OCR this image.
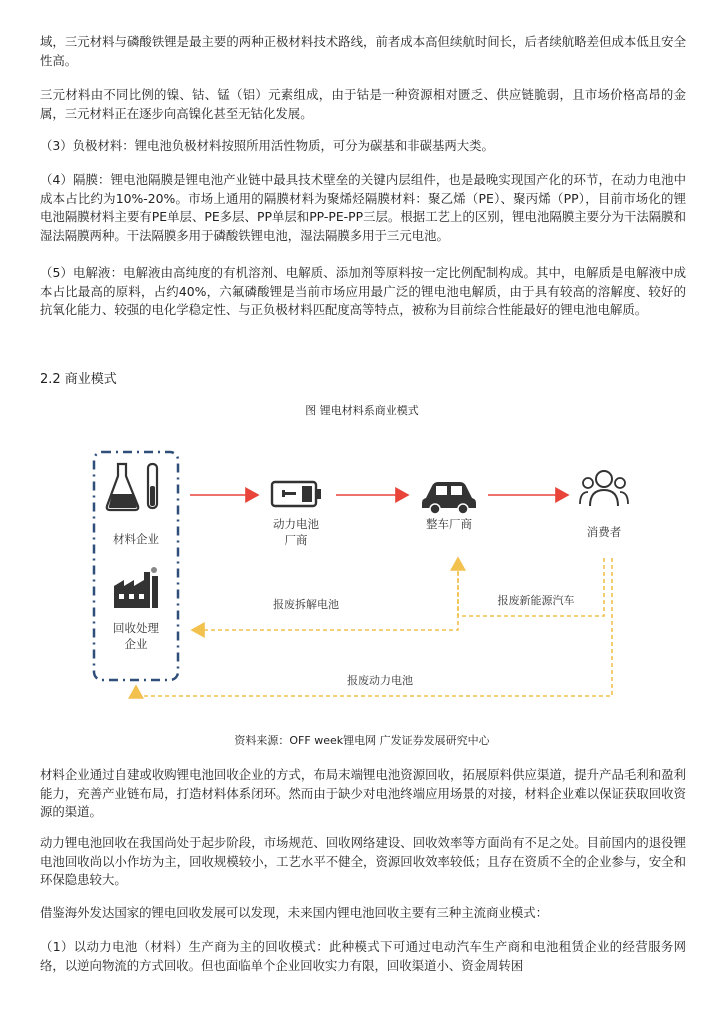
域，三元材料与磷酸铁锂是最主要的两种正极材料技术路线，前者成本高但续航时间长，后者续航略差但成本低且安全性高。

三元材料由不同比例的镍、钴、锰（铝）元素组成，由于钴是一种资源相对匮乏、供应链脆弱，且市场价格高昂的金属，三元材料正在逐步向高镍化甚至无钴化发展。

（3）负极材料：锂电池负极材料按照所用活性物质，可分为碳基和非碳基两大类。

（4）隔膜：锂电池隔膜是锂电池产业链中最具技术壁垒的关键内层组件，也是最晚实现国产化的环节，在动力电池中成本占比约为10%-20%。市场上通用的隔膜材料为聚烯烃隔膜材料：聚乙烯（PE）、聚丙烯（PP），目前市场化的锂电池隔膜材料主要有PE单层、PE多层、PP单层和PP-PE-PP三层。根据工艺上的区别，锂电池隔膜主要分为干法隔膜和湿法隔膜两种。干法隔膜多用于磷酸铁锂电池，湿法隔膜多用于三元电池。

（5）电解液：电解液由高纯度的有机溶剂、电解质、添加剂等原料按一定比例配制构成。其中，电解质是电解液中成本占比最高的原料，占约40%，六氟磷酸锂是当前市场应用最广泛的锂电池电解质，由于具有较高的溶解度、较好的抗氧化能力、较强的电化学稳定性、与正负极材料匹配度高等特点，被称为目前综合性能最好的锂电池电解质。

2.2 商业模式

图 锂电材料系商业模式

材料企业
回收处理
企业
动力电池
厂商
整车厂商
消费者
报废拆解电池	报废新能源汽车
报废动力电池

资料来源：OFF week锂电网 广发证券发展研究中心

材料企业通过自建或收购锂电池回收企业的方式，布局末端锂电池资源回收，拓展原料供应渠道，提升产品毛利和盈利能力，充善产业链布局，打造材料体系闭环。然而由于缺少对电池终端应用场景的对接，材料企业难以保证获取回收资源的渠道。

动力锂电池回收在我国尚处于起步阶段，市场规范、回收网络建设、回收效率等方面尚有不足之处。目前国内的退役锂电池回收尚以小作坊为主，回收规模较小，工艺水平不健全，资源回收效率较低；且存在资质不全的企业参与，安全和环保隐患较大。

借鉴海外发达国家的锂电回收发展可以发现，未来国内锂电池回收主要有三种主流商业模式：

（1）以动力电池（材料）生产商为主的回收模式：此种模式下可通过电动汽车生产商和电池租赁企业的经营服务网络，以逆向物流的方式回收。但也面临单个企业回收实力有限，回收渠道小、资金周转困
